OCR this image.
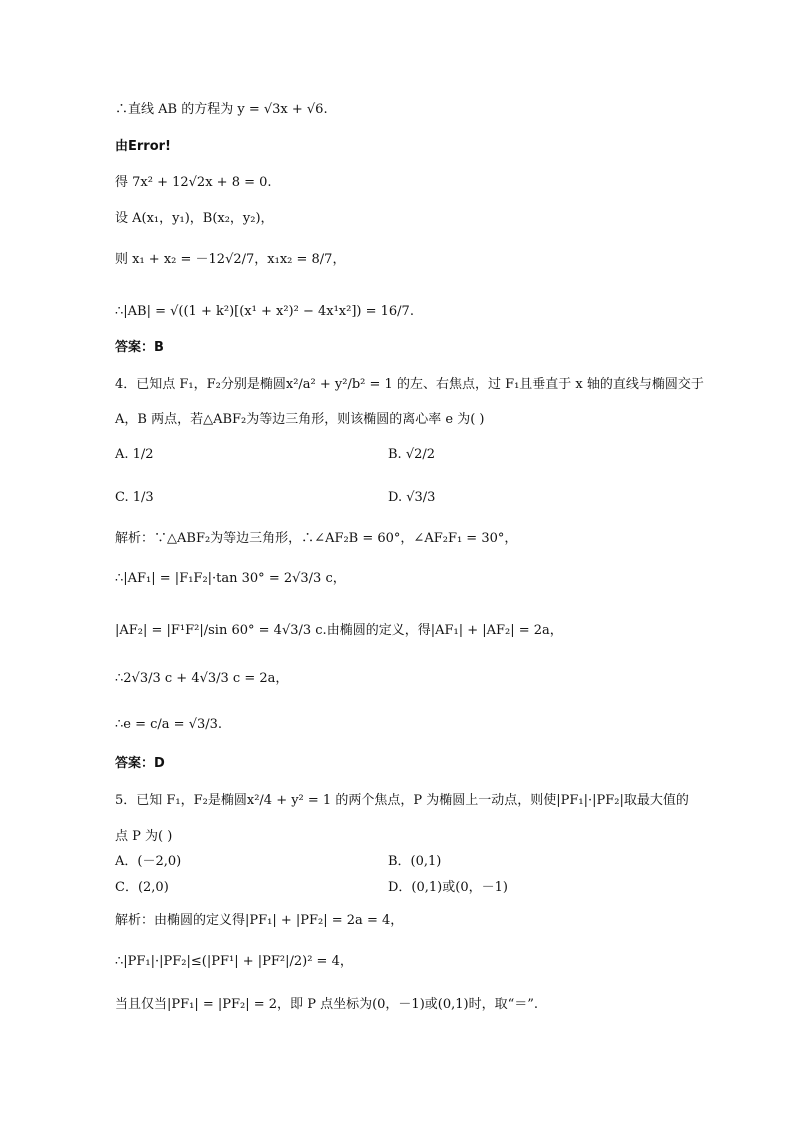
∴直线 AB 的方程为 y = √3x + √6.
由Error!
得 7x² + 12√2x + 8 = 0.
设 A(x₁，y₁)，B(x₂，y₂)，
则 x₁ + x₂ = －12√2/7，x₁x₂ = 8/7，
∴|AB| = √((1 + k²)[(x¹ + x²)² − 4x¹x²]) = 16/7.
答案：B
4．已知点 F₁，F₂分别是椭圆x²/a² + y²/b² = 1 的左、右焦点，过 F₁且垂直于 x 轴的直线与椭圆交于
A，B 两点，若△ABF₂为等边三角形，则该椭圆的离心率 e 为( )
A. 1/2	B. √2/2
C. 1/3	D. √3/3
解析：∵△ABF₂为等边三角形，∴∠AF₂B = 60°，∠AF₂F₁ = 30°，
∴|AF₁| = |F₁F₂|·tan 30° = 2√3/3 c，
|AF₂| = |F¹F²|/sin 60° = 4√3/3 c.由椭圆的定义，得|AF₁| + |AF₂| = 2a，
∴2√3/3 c + 4√3/3 c = 2a，
∴e = c/a = √3/3.
答案：D
5．已知 F₁，F₂是椭圆x²/4 + y² = 1 的两个焦点，P 为椭圆上一动点，则使|PF₁|·|PF₂|取最大值的
点 P 为( )
A．(－2,0)	B．(0,1)
C．(2,0)	D．(0,1)或(0，－1)
解析：由椭圆的定义得|PF₁| + |PF₂| = 2a = 4，
∴|PF₁|·|PF₂|≤(|PF¹| + |PF²|/2)² = 4，
当且仅当|PF₁| = |PF₂| = 2，即 P 点坐标为(0，－1)或(0,1)时，取“＝”.
